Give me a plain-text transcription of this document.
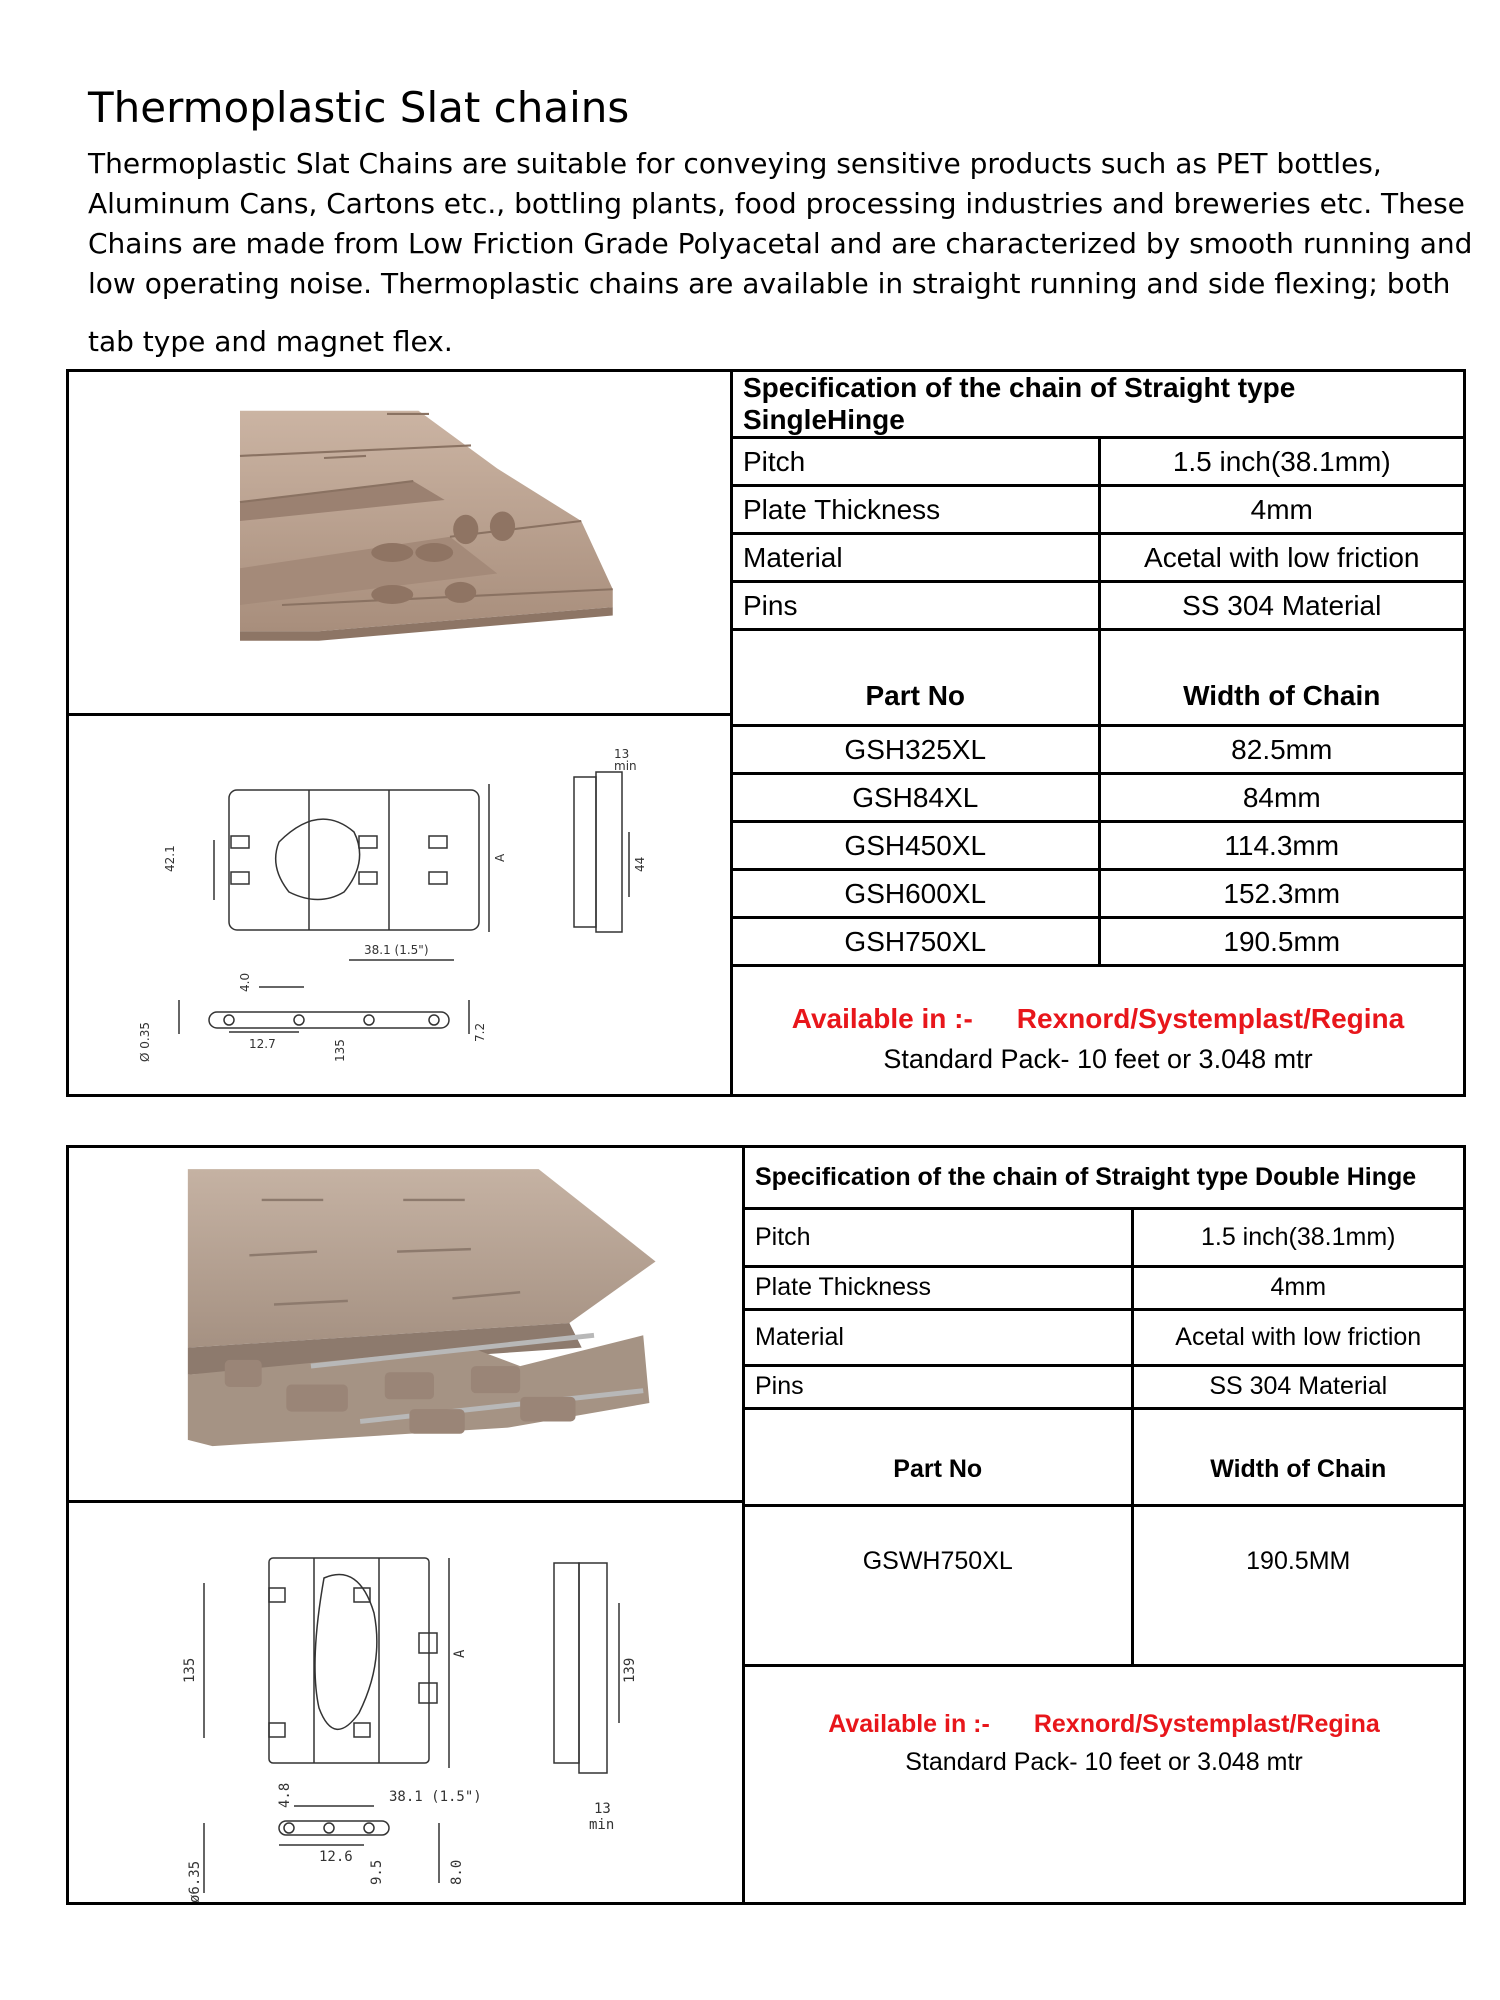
Thermoplastic Slat chains
Thermoplastic Slat Chains are suitable for conveying sensitive products such as PET bottles,
Aluminum Cans, Cartons etc., bottling plants, food processing industries and breweries etc. These
Chains are made from Low Friction Grade Polyacetal and are characterized by smooth running and
low operating noise. Thermoplastic chains are available in straight running and side flexing; both
tab type and magnet flex.
42.1	A
13
min
44
4.0
38.1 (1.5")
Ø 0.35	12.7	135
7.2
Specification of the chain of Straight type SingleHinge	
Pitch	1.5 inch(38.1mm)
Plate Thickness	4mm
Material	Acetal with low friction
Pins	SS 304 Material
Part No	Width of Chain
GSH325XL	82.5mm
GSH84XL	84mm
GSH450XL	114.3mm
GSH600XL	152.3mm
GSH750XL	190.5mm

Available in :- Rexnord/Systemplast/Regina
Standard Pack- 10 feet or 3.048 mtr	
135
A
139
4.8	38.1 (1.5")
12.6
ø6.35	9.5	8.0
13
min
Specification of the chain of Straight type Double Hinge	
Pitch	1.5 inch(38.1mm)
Plate Thickness	4mm
Material	Acetal with low friction
Pins	SS 304 Material
Part No	Width of Chain
GSWH750XL	190.5MM

Available in :- Rexnord/Systemplast/Regina
Standard Pack- 10 feet or 3.048 mtr	
